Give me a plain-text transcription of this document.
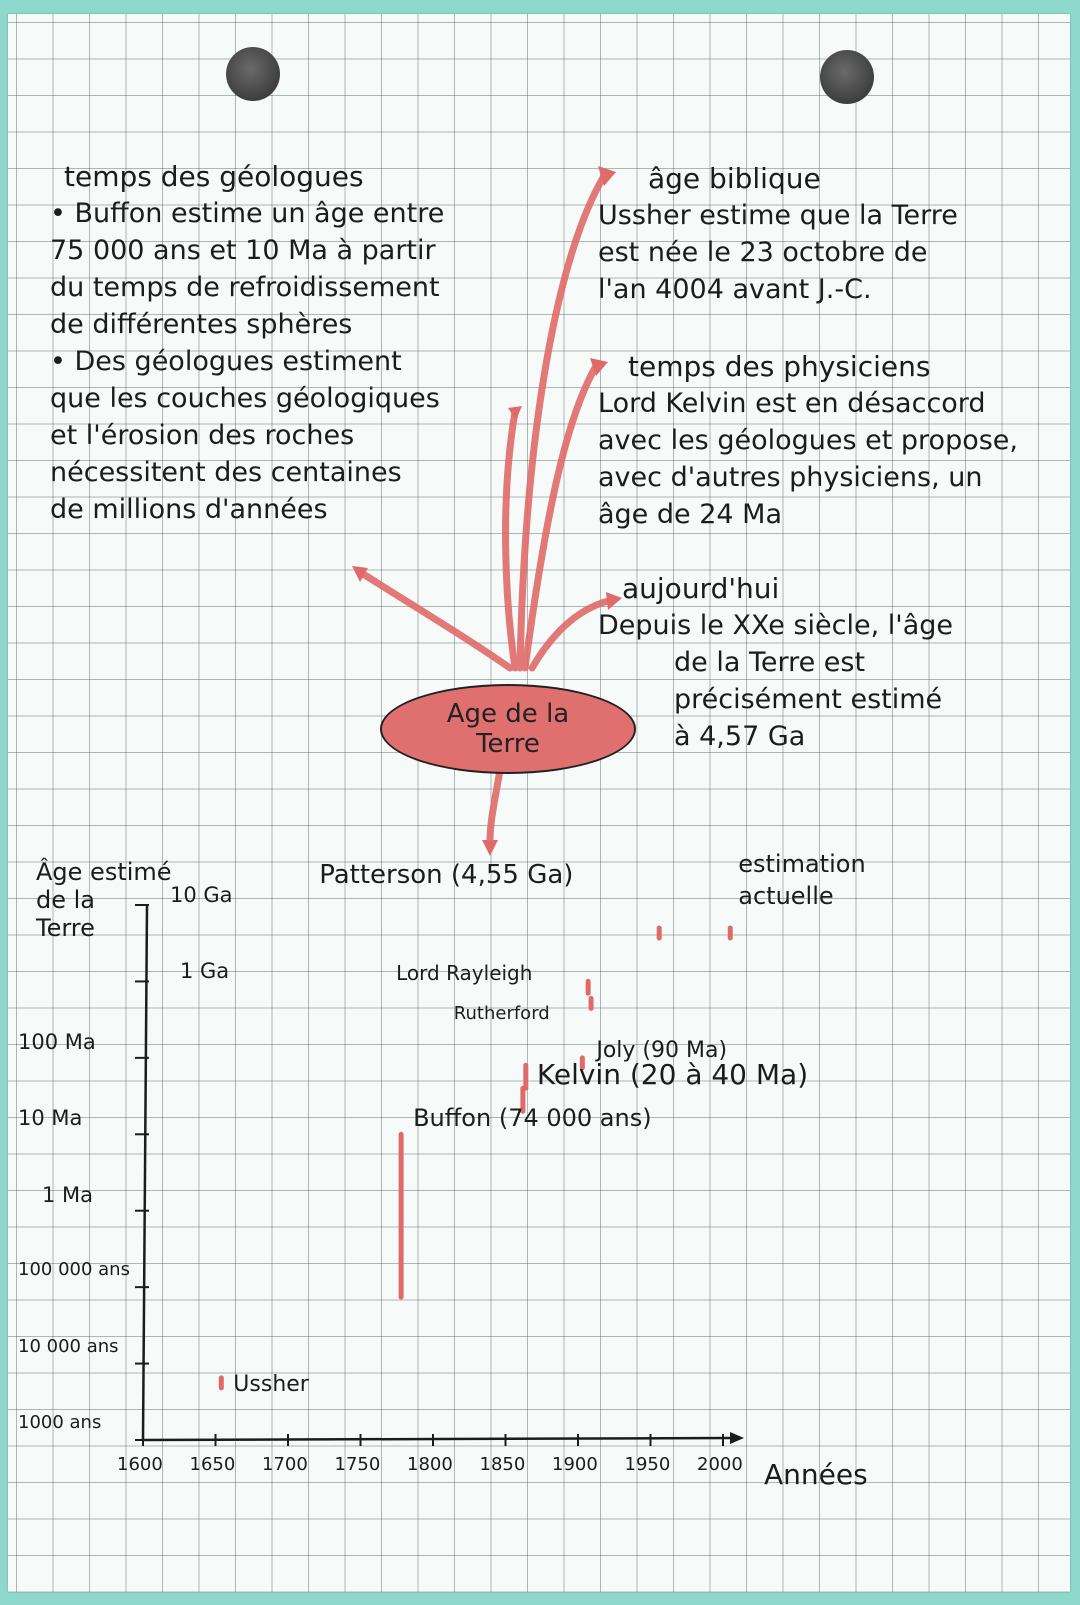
temps des géologues
• Buffon estime un âge entre
75 000 ans et 10 Ma à partir
du temps de refroidissement
de différentes sphères
• Des géologues estiment
que les couches géologiques
et l'érosion des roches
nécessitent des centaines
de millions d'années
âge biblique
Ussher estime que la Terre
est née le 23 octobre de
l'an 4004 avant J.-C.
temps des physiciens
Lord Kelvin est en désaccord
avec les géologues et propose,
avec d'autres physiciens, un
âge de 24 Ma
aujourd'hui
Depuis le XXe siècle, l'âge
de la Terre est
précisément estimé
à 4,57 Ga
Age de la
Terre
Âge estimé
de la
Terre
10 Ga
1 Ga
100 Ma
10 Ma
1 Ma
100 000 ans
10 000 ans
1000 ans
1600 1650 1700 1750 1800 1850 1900 1950 2000
Ussher
Buffon (74 000 ans)
Kelvin (20 à 40 Ma)
Rutherford
Joly (90 Ma)
Lord Rayleigh
Patterson (4,55 Ga)	estimation actuelle
Années
